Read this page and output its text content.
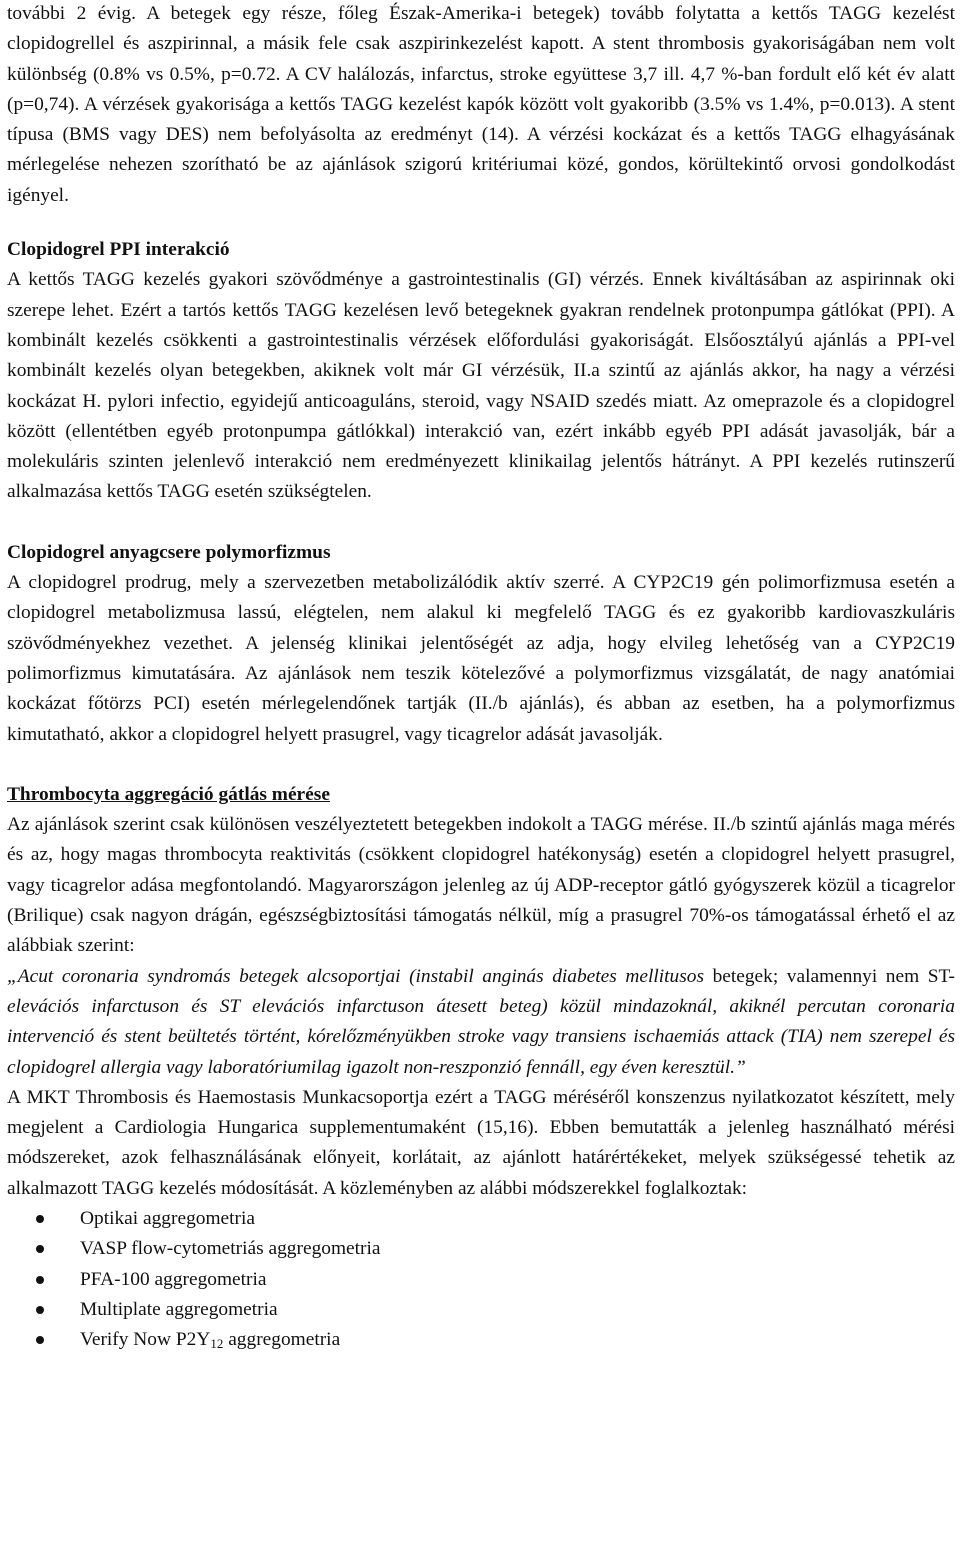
további 2 évig. A betegek egy része, főleg Észak-Amerika-i betegek) tovább folytatta a kettős TAGG kezelést clopidogrellel és aszpirinnal, a másik fele csak aszpirinkezelést kapott. A stent thrombosis gyakoriságában nem volt különbség (0.8% vs 0.5%, p=0.72. A CV halálozás, infarctus, stroke együttese 3,7 ill. 4,7 %-ban fordult elő két év alatt (p=0,74). A vérzések gyakorisága a kettős TAGG kezelést kapók között volt gyakoribb (3.5% vs 1.4%, p=0.013). A stent típusa (BMS vagy DES) nem befolyásolta az eredményt (14). A vérzési kockázat és a kettős TAGG elhagyásának mérlegelése nehezen szorítható be az ajánlások szigorú kritériumai közé, gondos, körültekintő orvosi gondolkodást igényel.

Clopidogrel PPI interakció

A kettős TAGG kezelés gyakori szövődménye a gastrointestinalis (GI) vérzés. Ennek kiváltásában az aspirinnak oki szerepe lehet. Ezért a tartós kettős TAGG kezelésen levő betegeknek gyakran rendelnek protonpumpa gátlókat (PPI). A kombinált kezelés csökkenti a gastrointestinalis vérzések előfordulási gyakoriságát. Elsőosztályú ajánlás a PPI-vel kombinált kezelés olyan betegekben, akiknek volt már GI vérzésük, II.a szintű az ajánlás akkor, ha nagy a vérzési kockázat H. pylori infectio, egyidejű anticoaguláns, steroid, vagy NSAID szedés miatt. Az omeprazole és a clopidogrel között (ellentétben egyéb protonpumpa gátlókkal) interakció van, ezért inkább egyéb PPI adását javasolják, bár a molekuláris szinten jelenlevő interakció nem eredményezett klinikailag jelentős hátrányt. A PPI kezelés rutinszerű alkalmazása kettős TAGG esetén szükségtelen.

Clopidogrel anyagcsere polymorfizmus

A clopidogrel prodrug, mely a szervezetben metabolizálódik aktív szerré. A CYP2C19 gén polimorfizmusa esetén a clopidogrel metabolizmusa lassú, elégtelen, nem alakul ki megfelelő TAGG és ez gyakoribb kardiovaszkuláris szövődményekhez vezethet. A jelenség klinikai jelentőségét az adja, hogy elvileg lehetőség van a CYP2C19 polimorfizmus kimutatására. Az ajánlások nem teszik kötelezővé a polymorfizmus vizsgálatát, de nagy anatómiai kockázat főtörzs PCI) esetén mérlegelendőnek tartják (II./b ajánlás), és abban az esetben, ha a polymorfizmus kimutatható, akkor a clopidogrel helyett prasugrel, vagy ticagrelor adását javasolják.

Thrombocyta aggregáció gátlás mérése

Az ajánlások szerint csak különösen veszélyeztetett betegekben indokolt a TAGG mérése. II./b szintű ajánlás maga mérés és az, hogy magas thrombocyta reaktivitás (csökkent clopidogrel hatékonyság) esetén a clopidogrel helyett prasugrel, vagy ticagrelor adása megfontolandó. Magyarországon jelenleg az új ADP-receptor gátló gyógyszerek közül a ticagrelor (Brilique) csak nagyon drágán, egészségbiztosítási támogatás nélkül, míg a prasugrel 70%-os támogatással érhető el az alábbiak szerint:

„Acut coronaria syndromás betegek alcsoportjai (instabil anginás diabetes mellitusos betegek; valamennyi nem ST-elevációs infarctuson és ST elevációs infarctuson átesett beteg) közül mindazoknál, akiknél percutan coronaria intervenció és stent beültetés történt, kórelőzményükben stroke vagy transiens ischaemiás attack (TIA) nem szerepel és clopidogrel allergia vagy laboratóriumilag igazolt non-reszponzió fennáll, egy éven keresztül.”

A MKT Thrombosis és Haemostasis Munkacsoportja ezért a TAGG méréséről konszenzus nyilatkozatot készített, mely megjelent a Cardiologia Hungarica supplementumaként (15,16). Ebben bemutatták a jelenleg használható mérési módszereket, azok felhasználásának előnyeit, korlátait, az ajánlott határértékeket, melyek szükségessé tehetik az alkalmazott TAGG kezelés módosítását. A közleményben az alábbi módszerekkel foglalkoztak:

Optikai aggregometria
VASP flow-cytometriás aggregometria
PFA-100 aggregometria
Multiplate aggregometria
Verify Now $P2Y_{12}$ aggregometria
